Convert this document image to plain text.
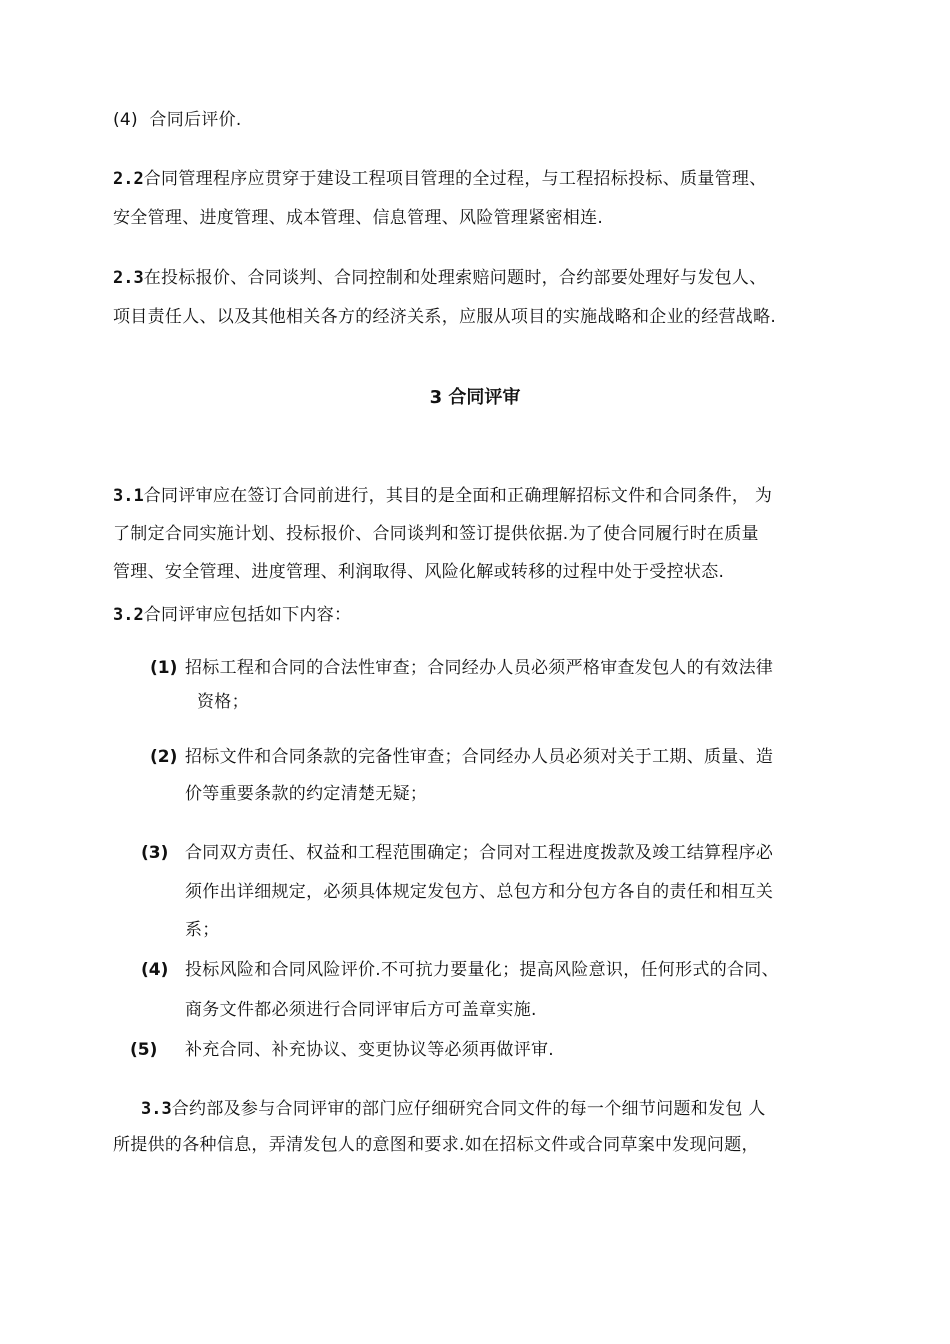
(4) 合同后评价.
2.2合同管理程序应贯穿于建设工程项目管理的全过程，与工程招标投标、质量管理、
安全管理、进度管理、成本管理、信息管理、风险管理紧密相连.
2.3在投标报价、合同谈判、合同控制和处理索赔问题时，合约部要处理好与发包人、
项目责任人、以及其他相关各方的经济关系，应服从项目的实施战略和企业的经营战略.
3 合同评审
3.1合同评审应在签订合同前进行，其目的是全面和正确理解招标文件和合同条件， 为
了制定合同实施计划、投标报价、合同谈判和签订提供依据.为了使合同履行时在质量
管理、安全管理、进度管理、利润取得、风险化解或转移的过程中处于受控状态.
3.2合同评审应包括如下内容：
(1) 招标工程和合同的合法性审查；合同经办人员必须严格审查发包人的有效法律
资格；
(2) 招标文件和合同条款的完备性审查；合同经办人员必须对关于工期、质量、造
价等重要条款的约定清楚无疑；
(3) 合同双方责任、权益和工程范围确定；合同对工程进度拨款及竣工结算程序必
须作出详细规定，必须具体规定发包方、总包方和分包方各自的责任和相互关
系；
(4) 投标风险和合同风险评价.不可抗力要量化；提高风险意识，任何形式的合同、
商务文件都必须进行合同评审后方可盖章实施.
(5) 补充合同、补充协议、变更协议等必须再做评审.
3.3合约部及参与合同评审的部门应仔细研究合同文件的每一个细节问题和发包 人
所提供的各种信息，弄清发包人的意图和要求.如在招标文件或合同草案中发现问题，
